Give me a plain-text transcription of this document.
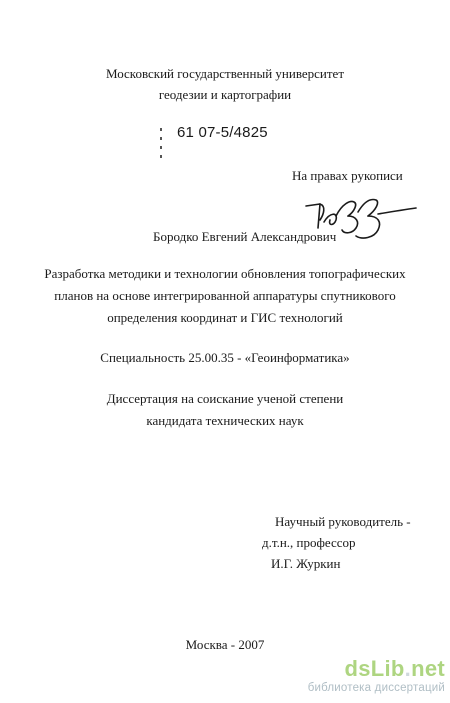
Московский государственный университет
геодезии и картографии
61 07-5/4825
На правах рукописи
Бородко Евгений Александрович
Разработка методики и технологии обновления топографических
планов на основе интегрированной аппаратуры спутникового
определения координат и ГИС технологий
Специальность 25.00.35 - «Геоинформатика»
Диссертация на соискание ученой степени
кандидата технических наук
Научный руководитель -
д.т.н., профессор
И.Г. Журкин
Москва - 2007
dsLib.net
библиотека диссертаций
